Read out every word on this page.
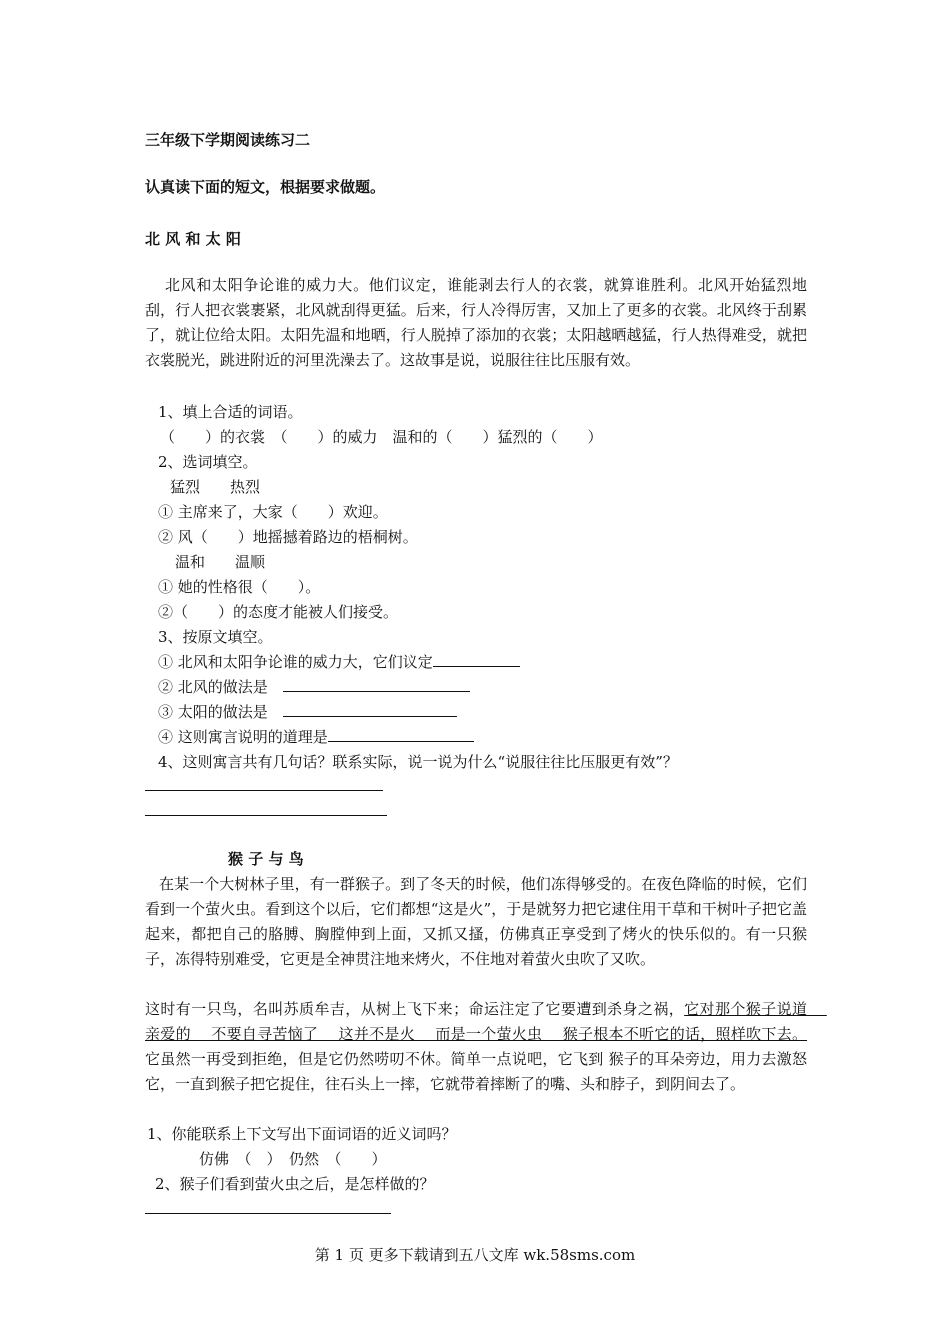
三年级下学期阅读练习二
认真读下面的短文，根据要求做题。
北 风 和 太 阳
北风和太阳争论谁的威力大。他们议定，谁能剥去行人的衣裳，就算谁胜利。北风开始猛烈地刮，行人把衣裳裹紧，北风就刮得更猛。后来，行人冷得厉害，又加上了更多的衣裳。北风终于刮累了，就让位给太阳。太阳先温和地晒，行人脱掉了添加的衣裳；太阳越晒越猛，行人热得难受，就把衣裳脱光，跳进附近的河里洗澡去了。这故事是说，说服往往比压服有效。
1、填上合适的词语。
（　　）的衣裳　（　　）的威力　温和的（　　）猛烈的（　　）
2、选词填空。
猛烈　　热烈
① 主席来了，大家（　　）欢迎。
② 风（　　）地摇撼着路边的梧桐树。
温和　　温顺
① 她的性格很（　　）。
②（　　）的态度才能被人们接受。
3、按原文填空。
① 北风和太阳争论谁的威力大，它们议定
② 北风的做法是
③ 太阳的做法是
④ 这则寓言说明的道理是
4、这则寓言共有几句话？联系实际，说一说为什么“说服往往比压服更有效”？
猴 子 与 鸟
在某一个大树林子里，有一群猴子。到了冬天的时候，他们冻得够受的。在夜色降临的时候，它们看到一个萤火虫。看到这个以后，它们都想“这是火”，于是就努力把它逮住用干草和干树叶子把它盖起来，都把自己的胳膊、胸膛伸到上面，又抓又搔，仿佛真正享受到了烤火的快乐似的。有一只猴子，冻得特别难受，它更是全神贯注地来烤火，不住地对着萤火虫吹了又吹。
这时有一只鸟，名叫苏质牟吉，从树上飞下来；命运注定了它要遭到杀身之祸，它对那个猴子说道　 亲爱的　 不要自寻苦恼了　 这并不是火　 而是一个萤火虫　 猴子根本不听它的话，照样吹下去。它虽然一再受到拒绝，但是它仍然唠叨不休。简单一点说吧，它飞到 猴子的耳朵旁边，用力去激怒它，一直到猴子把它捉住，往石头上一摔，它就带着摔断了的嘴、头和脖子，到阴间去了。
1、你能联系上下文写出下面词语的近义词吗？
仿佛　（　）　仍然　（　　）
2、猴子们看到萤火虫之后，是怎样做的？
第 1 页 更多下载请到五八文库 wk.58sms.com
